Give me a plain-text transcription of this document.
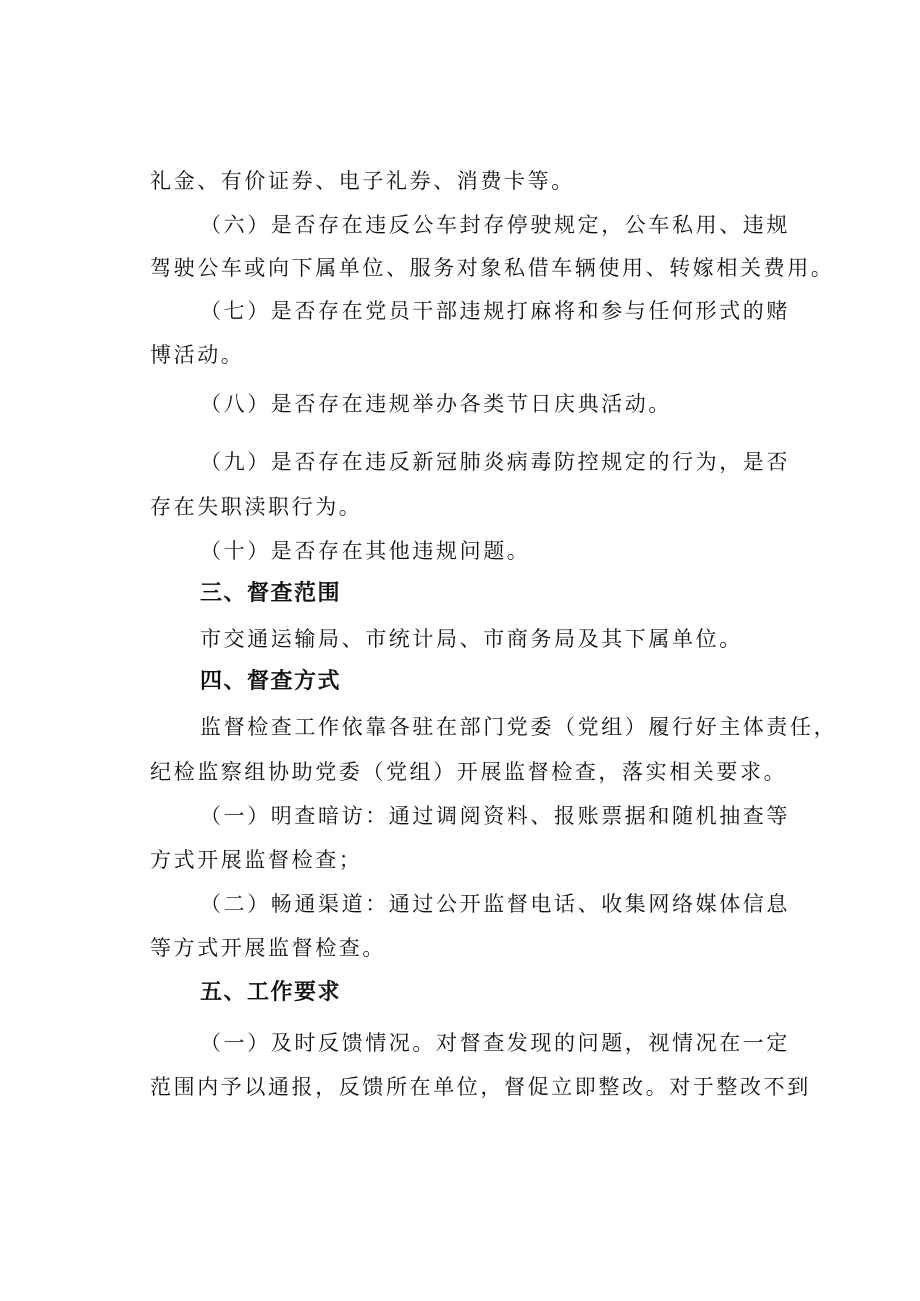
礼金、有价证券、电子礼券、消费卡等。
（六）是否存在违反公车封存停驶规定，公车私用、违规
驾驶公车或向下属单位、服务对象私借车辆使用、转嫁相关费用。
（七）是否存在党员干部违规打麻将和参与任何形式的赌
博活动。
（八）是否存在违规举办各类节日庆典活动。
（九）是否存在违反新冠肺炎病毒防控规定的行为，是否
存在失职渎职行为。
（十）是否存在其他违规问题。
三、督查范围
市交通运输局、市统计局、市商务局及其下属单位。
四、督查方式
监督检查工作依靠各驻在部门党委（党组）履行好主体责任，
纪检监察组协助党委（党组）开展监督检查，落实相关要求。
（一）明查暗访：通过调阅资料、报账票据和随机抽查等
方式开展监督检查；
（二）畅通渠道：通过公开监督电话、收集网络媒体信息
等方式开展监督检查。
五、工作要求
（一）及时反馈情况。对督查发现的问题，视情况在一定
范围内予以通报，反馈所在单位，督促立即整改。对于整改不到
